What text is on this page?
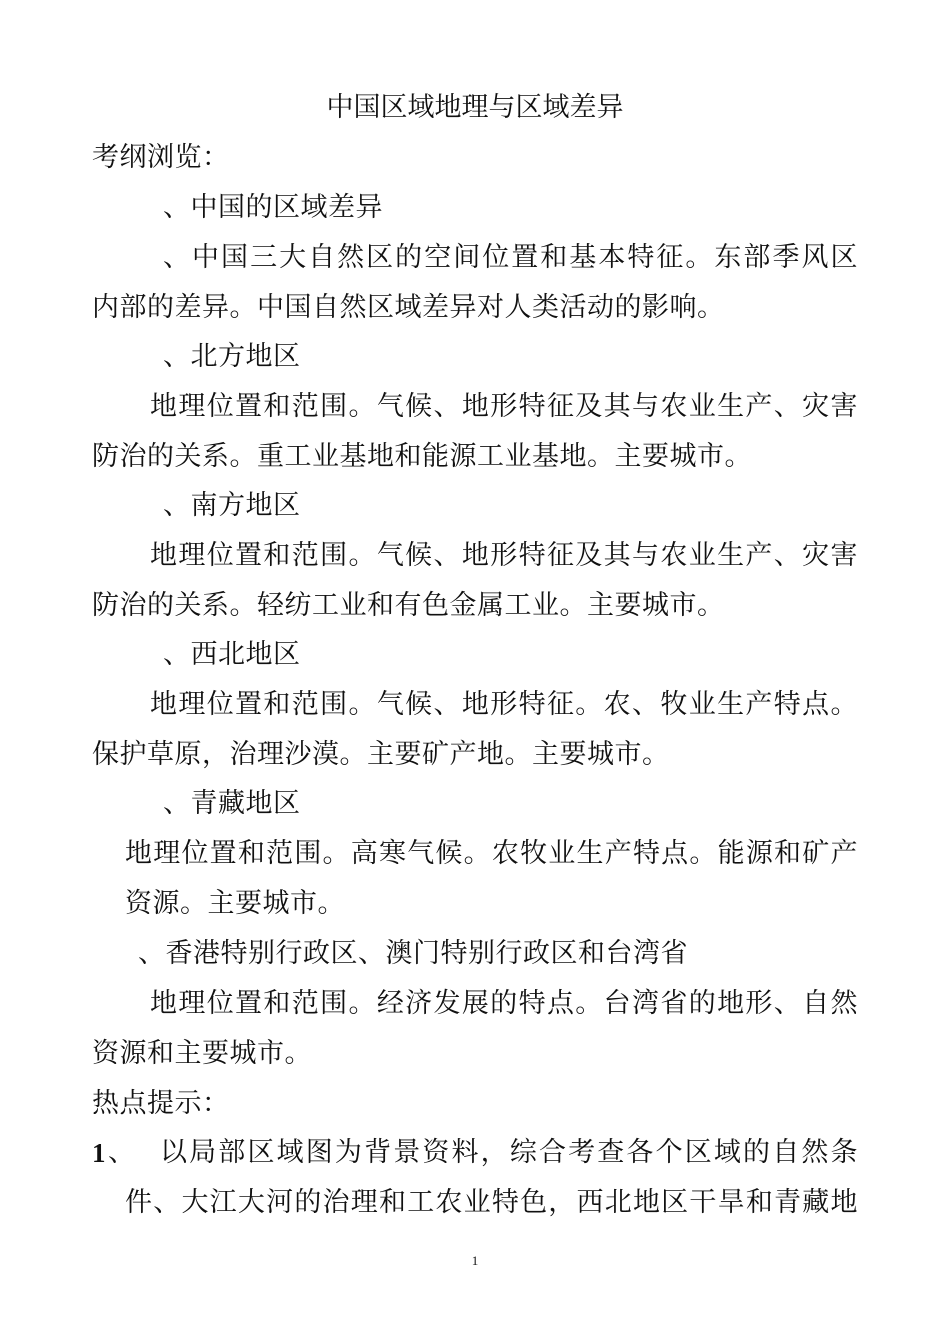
中国区域地理与区域差异
考纲浏览：
、中国的区域差异
、中国三大自然区的空间位置和基本特征。东部季风区
内部的差异。中国自然区域差异对人类活动的影响。
、北方地区
地理位置和范围。气候、地形特征及其与农业生产、灾害
防治的关系。重工业基地和能源工业基地。主要城市。
、南方地区
地理位置和范围。气候、地形特征及其与农业生产、灾害
防治的关系。轻纺工业和有色金属工业。主要城市。
、西北地区
地理位置和范围。气候、地形特征。农、牧业生产特点。
保护草原，治理沙漠。主要矿产地。主要城市。
、青藏地区
地理位置和范围。高寒气候。农牧业生产特点。能源和矿产
资源。主要城市。
、香港特别行政区、澳门特别行政区和台湾省
地理位置和范围。经济发展的特点。台湾省的地形、自然
资源和主要城市。
热点提示：
1 、 以局部区域图为背景资料，综合考查各个区域的自然条
件、大江大河的治理和工农业特色，西北地区干旱和青藏地
1
